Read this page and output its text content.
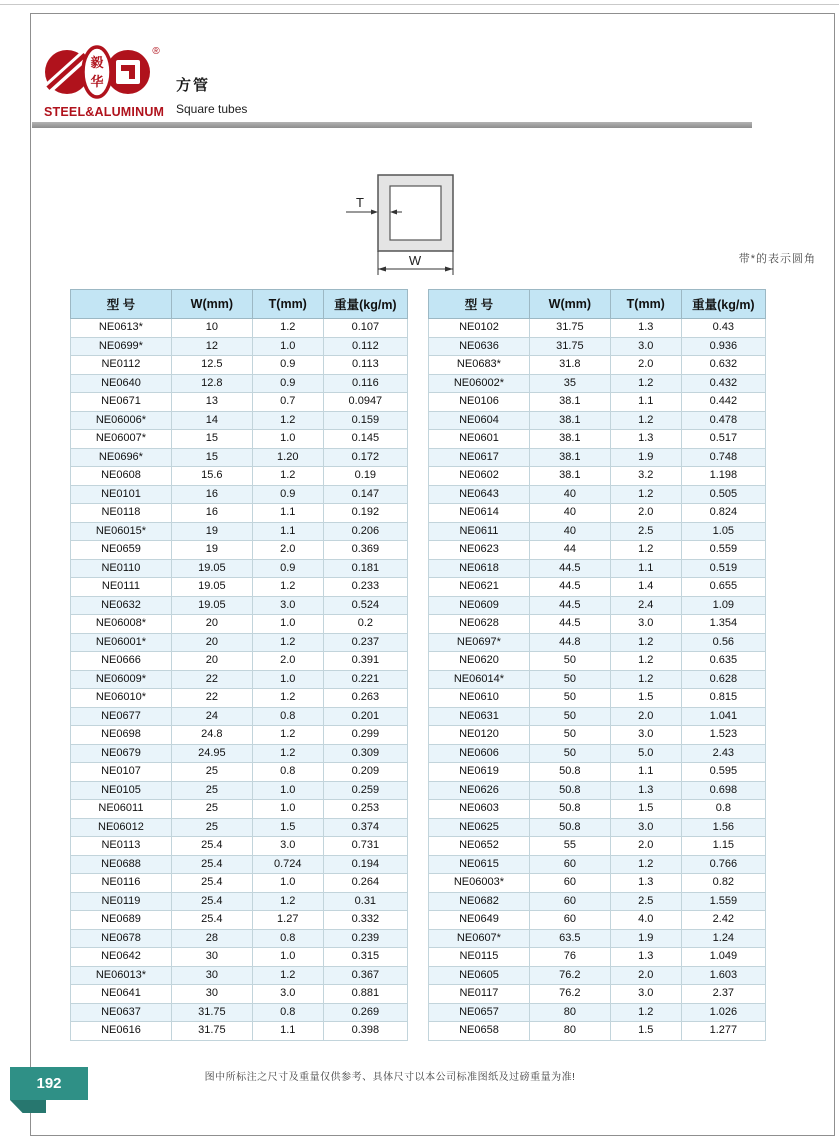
毅
华
®
STEEL&ALUMINUM
方管
Square tubes
T
W	带*的表示圆角
型 号	W(mm)	T(mm)	重量(kg/m)
NE0613*	10	1.2	0.107
NE0699*	12	1.0	0.112
NE0112	12.5	0.9	0.113
NE0640	12.8	0.9	0.116
NE0671	13	0.7	0.0947
NE06006*	14	1.2	0.159
NE06007*	15	1.0	0.145
NE0696*	15	1.20	0.172
NE0608	15.6	1.2	0.19
NE0101	16	0.9	0.147
NE0118	16	1.1	0.192
NE06015*	19	1.1	0.206
NE0659	19	2.0	0.369
NE0110	19.05	0.9	0.181
NE0111	19.05	1.2	0.233
NE0632	19.05	3.0	0.524
NE06008*	20	1.0	0.2
NE06001*	20	1.2	0.237
NE0666	20	2.0	0.391
NE06009*	22	1.0	0.221
NE06010*	22	1.2	0.263
NE0677	24	0.8	0.201
NE0698	24.8	1.2	0.299
NE0679	24.95	1.2	0.309
NE0107	25	0.8	0.209
NE0105	25	1.0	0.259
NE06011	25	1.0	0.253
NE06012	25	1.5	0.374
NE0113	25.4	3.0	0.731
NE0688	25.4	0.724	0.194
NE0116	25.4	1.0	0.264
NE0119	25.4	1.2	0.31
NE0689	25.4	1.27	0.332
NE0678	28	0.8	0.239
NE0642	30	1.0	0.315
NE06013*	30	1.2	0.367
NE0641	30	3.0	0.881
NE0637	31.75	0.8	0.269
NE0616	31.75	1.1	0.398
型 号	W(mm)	T(mm)	重量(kg/m)
NE0102	31.75	1.3	0.43
NE0636	31.75	3.0	0.936
NE0683*	31.8	2.0	0.632
NE06002*	35	1.2	0.432
NE0106	38.1	1.1	0.442
NE0604	38.1	1.2	0.478
NE0601	38.1	1.3	0.517
NE0617	38.1	1.9	0.748
NE0602	38.1	3.2	1.198
NE0643	40	1.2	0.505
NE0614	40	2.0	0.824
NE0611	40	2.5	1.05
NE0623	44	1.2	0.559
NE0618	44.5	1.1	0.519
NE0621	44.5	1.4	0.655
NE0609	44.5	2.4	1.09
NE0628	44.5	3.0	1.354
NE0697*	44.8	1.2	0.56
NE0620	50	1.2	0.635
NE06014*	50	1.2	0.628
NE0610	50	1.5	0.815
NE0631	50	2.0	1.041
NE0120	50	3.0	1.523
NE0606	50	5.0	2.43
NE0619	50.8	1.1	0.595
NE0626	50.8	1.3	0.698
NE0603	50.8	1.5	0.8
NE0625	50.8	3.0	1.56
NE0652	55	2.0	1.15
NE0615	60	1.2	0.766
NE06003*	60	1.3	0.82
NE0682	60	2.5	1.559
NE0649	60	4.0	2.42
NE0607*	63.5	1.9	1.24
NE0115	76	1.3	1.049
NE0605	76.2	2.0	1.603
NE0117	76.2	3.0	2.37
NE0657	80	1.2	1.026
NE0658	80	1.5	1.277
图中所标注之尺寸及重量仅供参考、具体尺寸以本公司标准图纸及过磅重量为准!
192
